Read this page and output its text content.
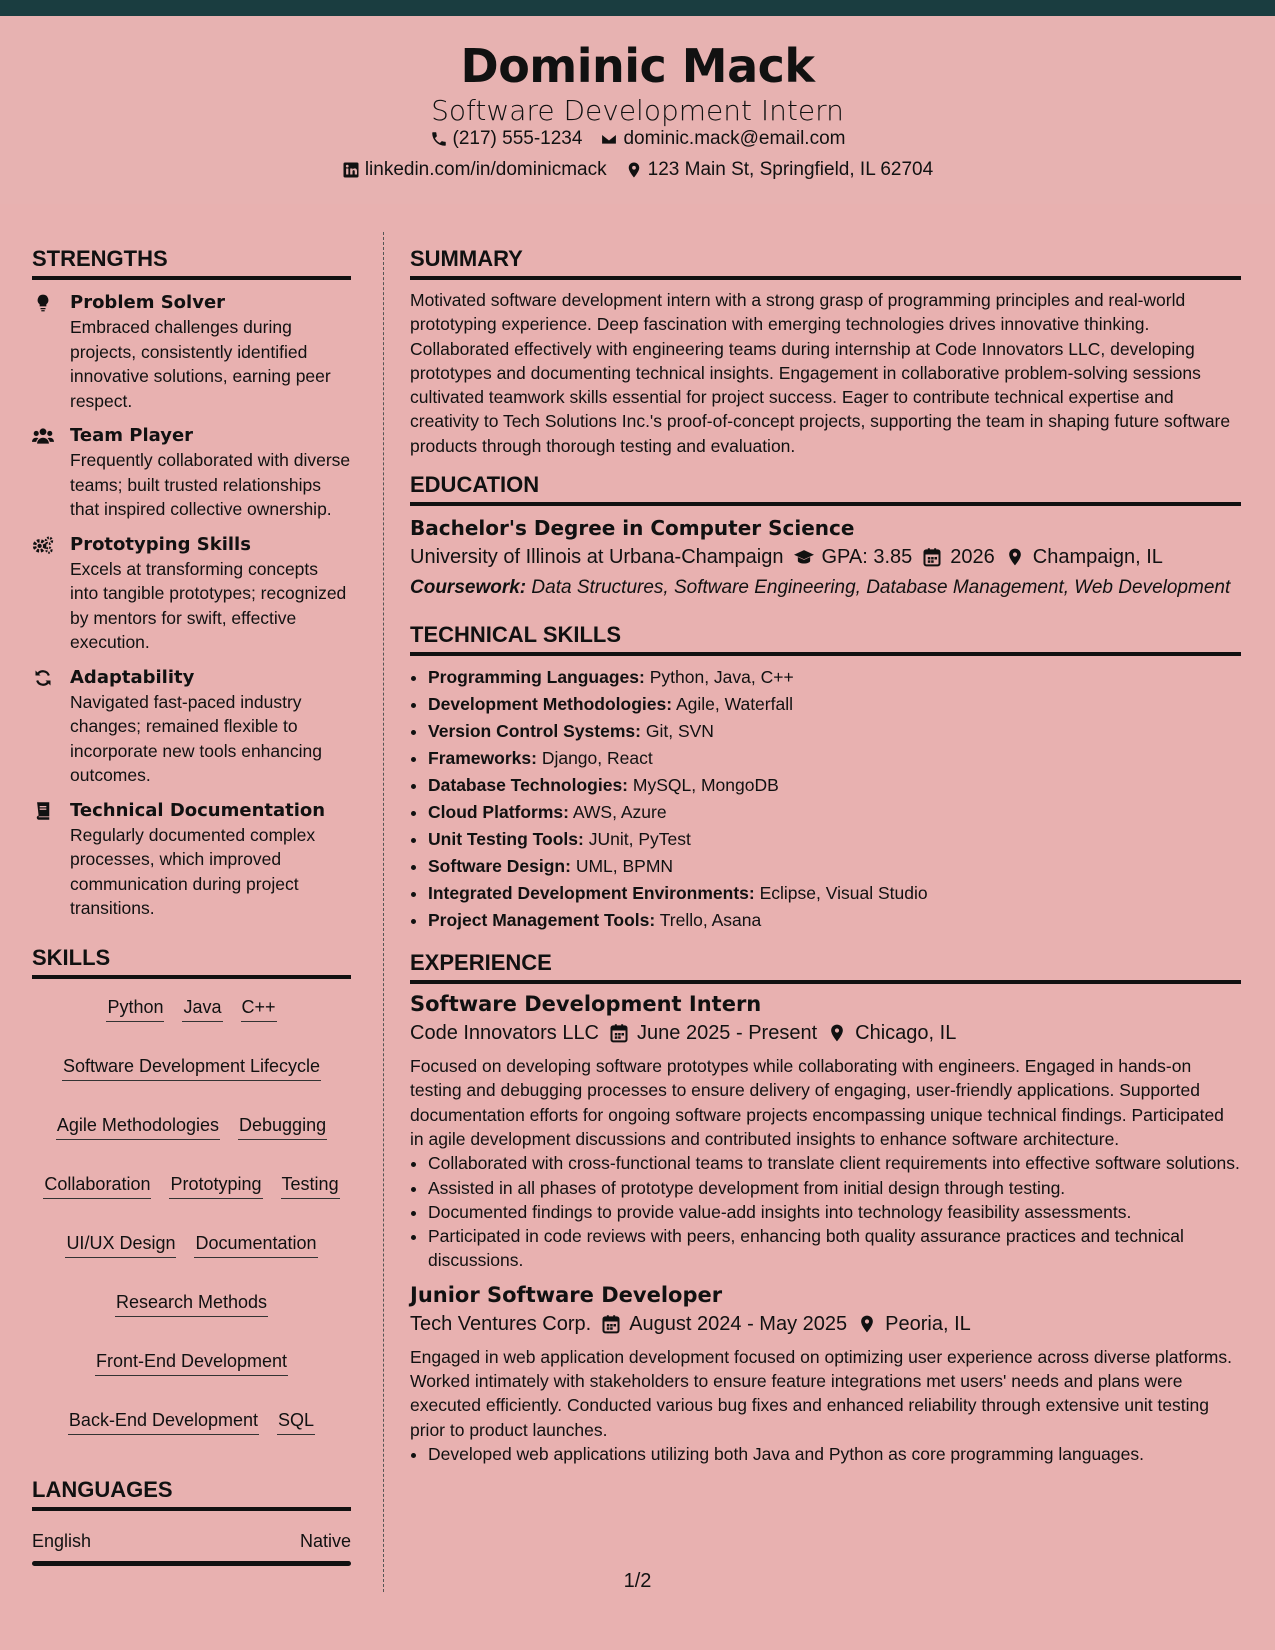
Dominic Mack
Software Development Intern
(217) 555-1234 dominic.mack@email.com
linkedin.com/in/dominicmack 123 Main St, Springfield, IL 62704
STRENGTHS
Problem Solver
Embraced challenges during projects, consistently identified innovative solutions, earning peer respect.
Team Player
Frequently collaborated with diverse teams; built trusted relationships that inspired collective ownership.
Prototyping Skills
Excels at transforming concepts into tangible prototypes; recognized by mentors for swift, effective execution.
Adaptability
Navigated fast-paced industry changes; remained flexible to incorporate new tools enhancing outcomes.
Technical Documentation
Regularly documented complex processes, which improved communication during project transitions.
SKILLS
Python Java C++
Software Development Lifecycle
Agile Methodologies Debugging
Collaboration Prototyping Testing
UI/UX Design Documentation
Research Methods
Front-End Development
Back-End Development SQL
LANGUAGES
English	Native
SUMMARY
Motivated software development intern with a strong grasp of programming principles and real-world prototyping experience. Deep fascination with emerging technologies drives innovative thinking. Collaborated effectively with engineering teams during internship at Code Innovators LLC, developing prototypes and documenting technical insights. Engagement in collaborative problem-solving sessions cultivated teamwork skills essential for project success. Eager to contribute technical expertise and creativity to Tech Solutions Inc.'s proof-of-concept projects, supporting the team in shaping future software products through thorough testing and evaluation.
EDUCATION
Bachelor's Degree in Computer Science
University of Illinois at Urbana-Champaign GPA: 3.85 2026 Champaign, IL
Coursework: Data Structures, Software Engineering, Database Management, Web Development
TECHNICAL SKILLS
• Programming Languages: Python, Java, C++
• Development Methodologies: Agile, Waterfall
• Version Control Systems: Git, SVN
• Frameworks: Django, React
• Database Technologies: MySQL, MongoDB
• Cloud Platforms: AWS, Azure
• Unit Testing Tools: JUnit, PyTest
• Software Design: UML, BPMN
• Integrated Development Environments: Eclipse, Visual Studio
• Project Management Tools: Trello, Asana
EXPERIENCE
Software Development Intern
Code Innovators LLC June 2025 - Present Chicago, IL
Focused on developing software prototypes while collaborating with engineers. Engaged in hands-on testing and debugging processes to ensure delivery of engaging, user-friendly applications. Supported documentation efforts for ongoing software projects encompassing unique technical findings. Participated in agile development discussions and contributed insights to enhance software architecture.
• Collaborated with cross-functional teams to translate client requirements into effective software solutions.
• Assisted in all phases of prototype development from initial design through testing.
• Documented findings to provide value-add insights into technology feasibility assessments.
• Participated in code reviews with peers, enhancing both quality assurance practices and technical discussions.
Junior Software Developer
Tech Ventures Corp. August 2024 - May 2025 Peoria, IL
Engaged in web application development focused on optimizing user experience across diverse platforms. Worked intimately with stakeholders to ensure feature integrations met users' needs and plans were executed efficiently. Conducted various bug fixes and enhanced reliability through extensive unit testing prior to product launches.
• Developed web applications utilizing both Java and Python as core programming languages.
1/2
